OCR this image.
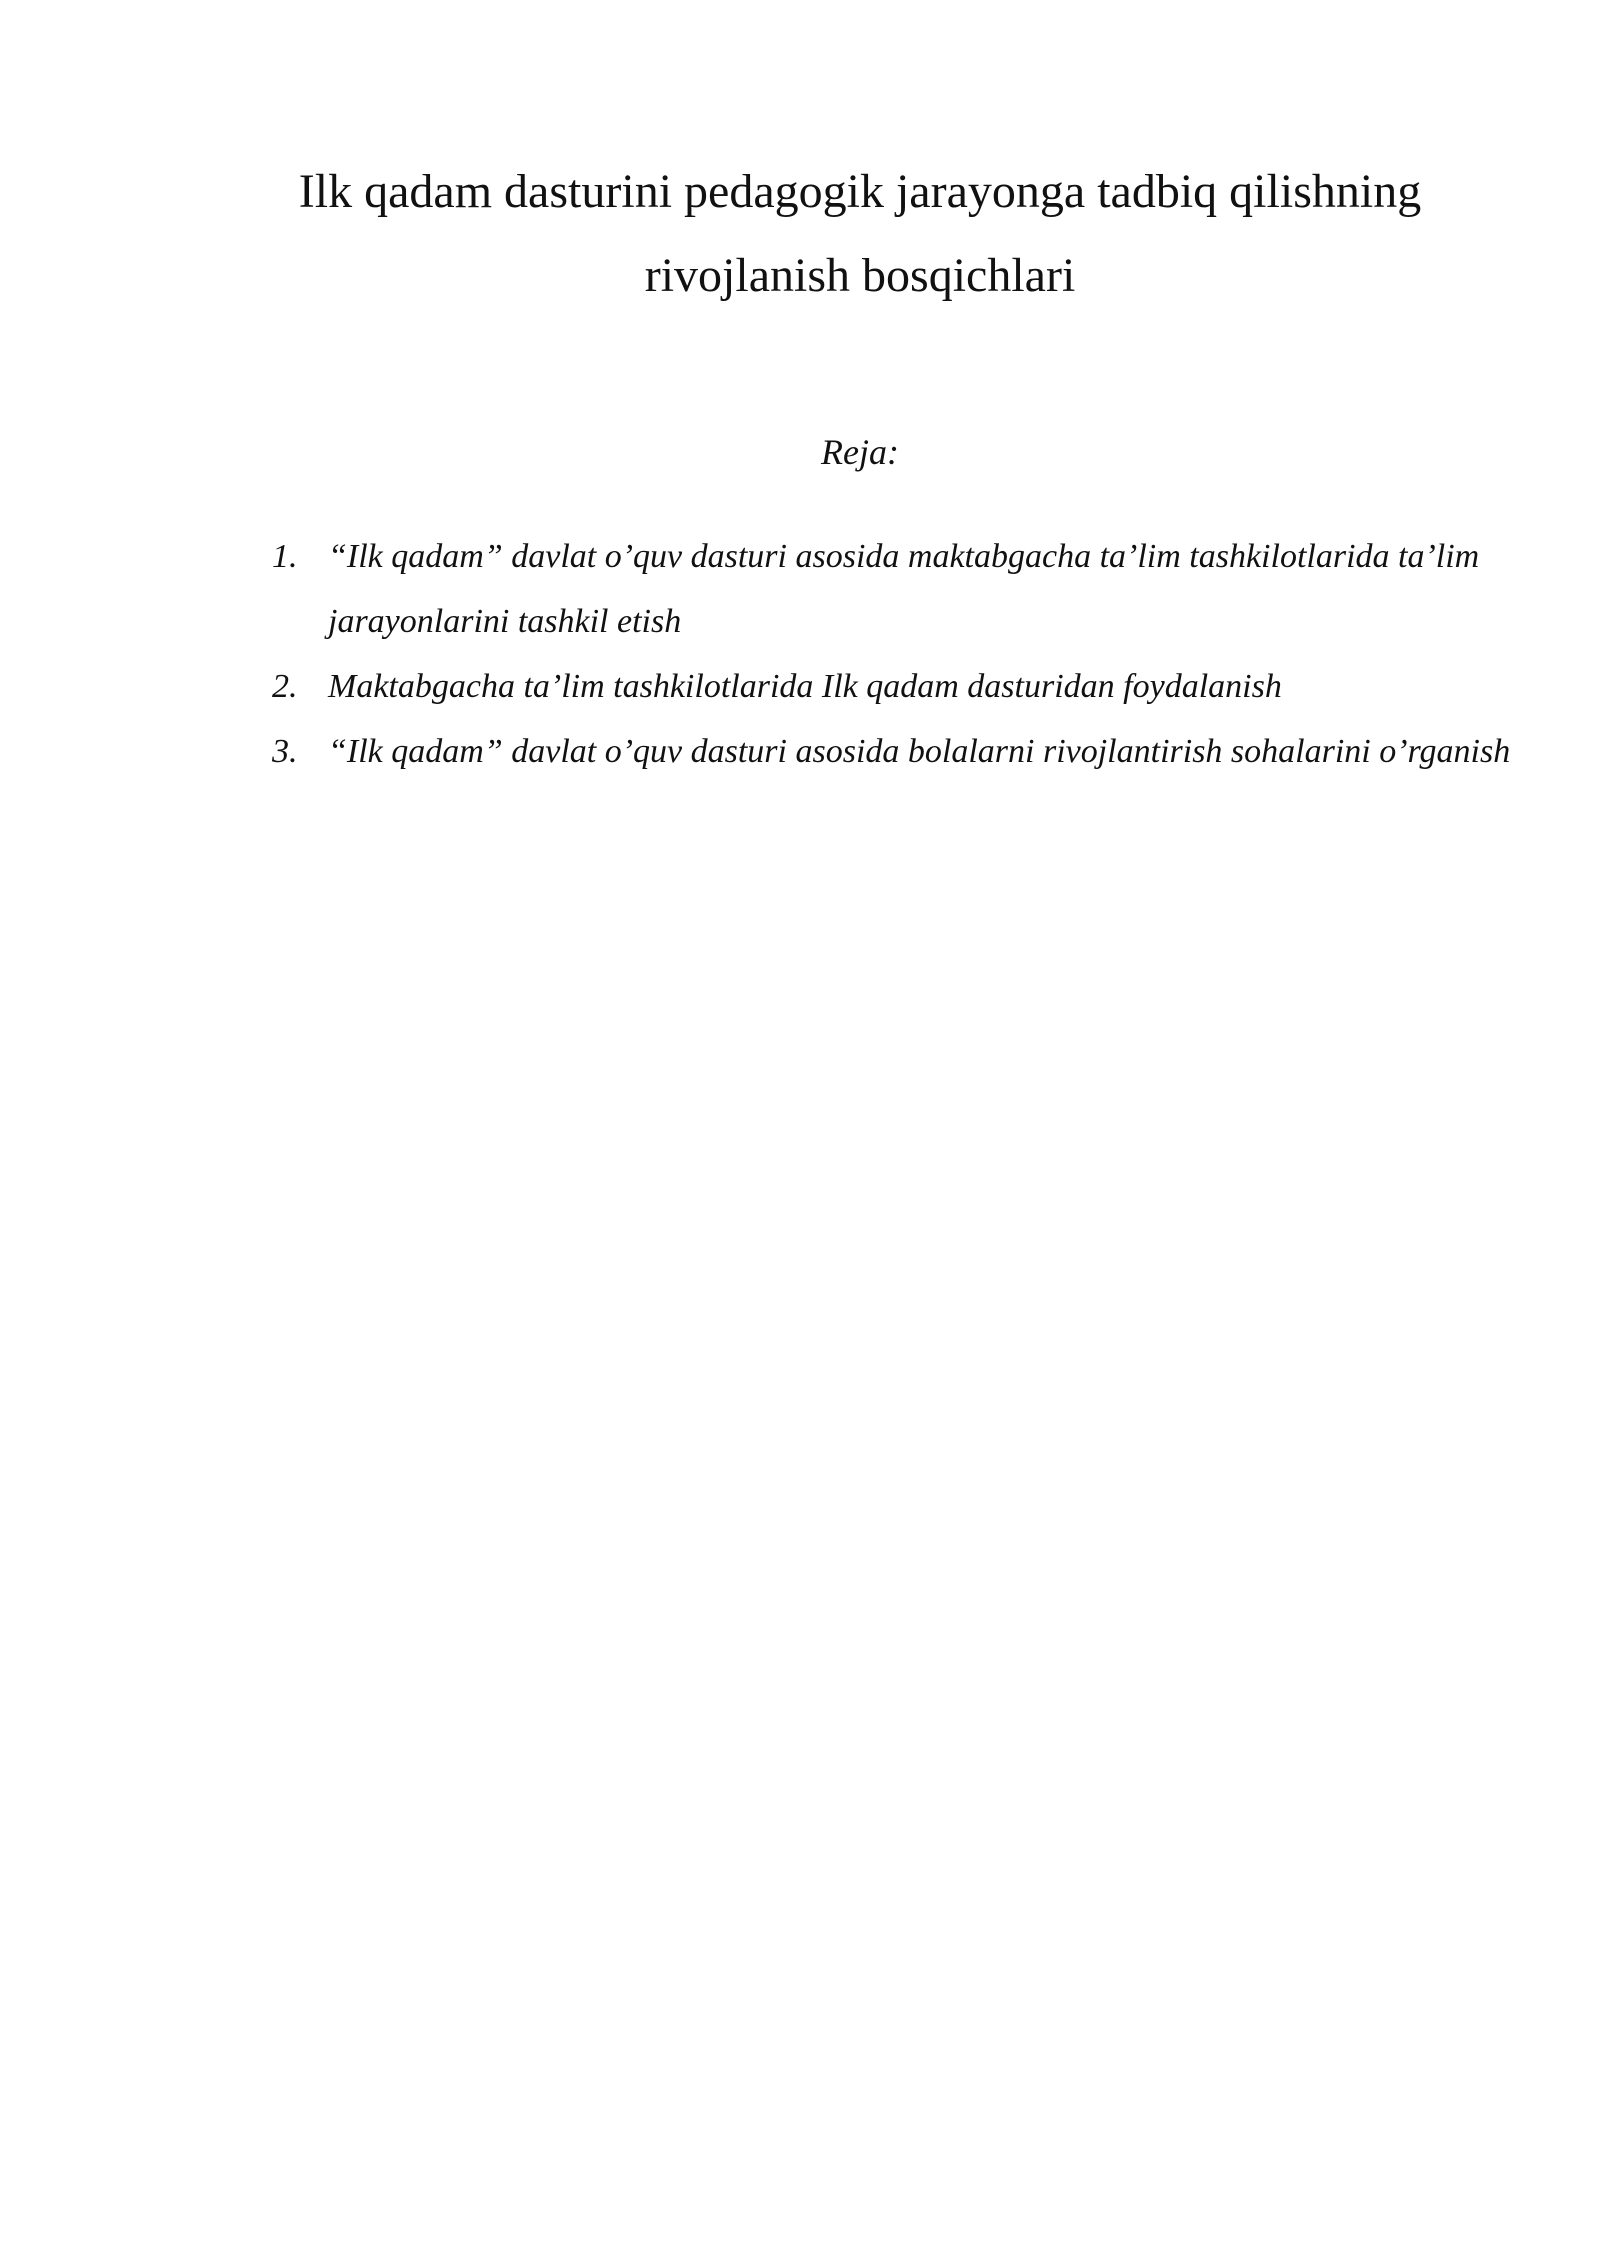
Ilk qadam dasturini pedagogik jarayonga tadbiq qilishning rivojlanish bosqichlari
Reja:
1. “Ilk qadam” davlat o’quv dasturi asosida maktabgacha ta’lim tashkilotlarida ta’lim jarayonlarini tashkil etish
2. Maktabgacha ta’lim tashkilotlarida Ilk qadam dasturidan foydalanish
3. “Ilk qadam” davlat o’quv dasturi asosida bolalarni rivojlantirish sohalarini o’rganish
